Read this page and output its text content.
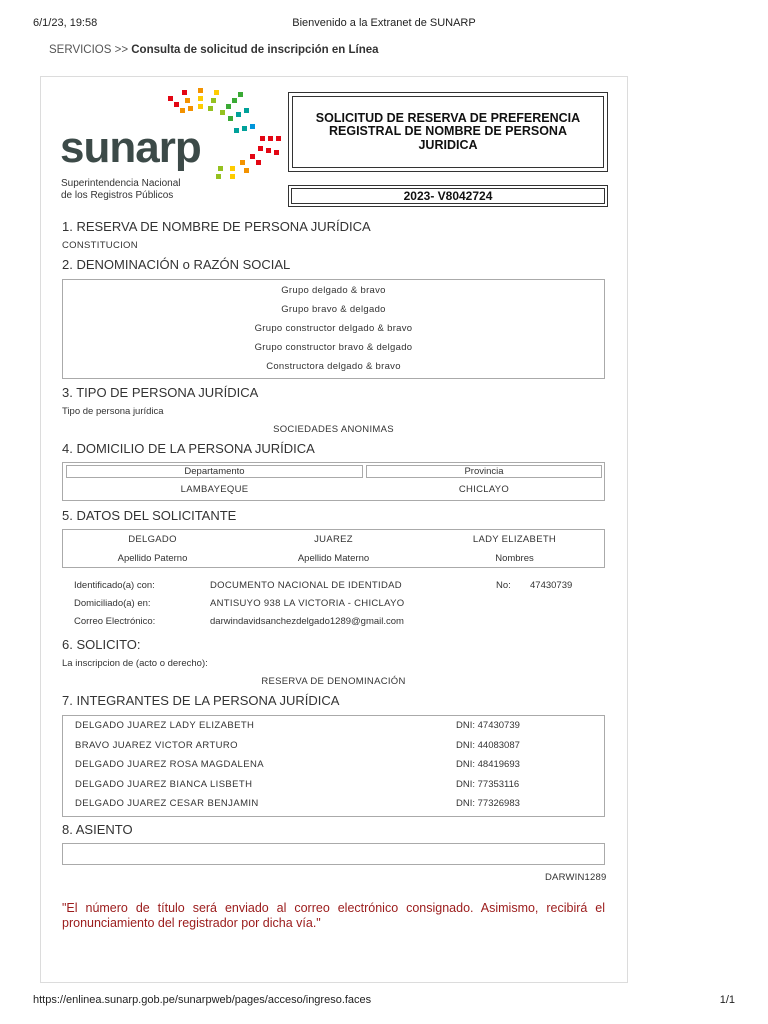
6/1/23, 19:58	Bienvenido a la Extranet de SUNARP
SERVICIOS >> Consulta de solicitud de inscripción en Línea
sunarp
Superintendencia Nacional
de los Registros Públicos
SOLICITUD DE RESERVA DE PREFERENCIA REGISTRAL DE NOMBRE DE PERSONA JURIDICA
2023- V8042724
1. RESERVA DE NOMBRE DE PERSONA JURÍDICA
CONSTITUCION
2. DENOMINACIÓN o RAZÓN SOCIAL
Grupo delgado & bravo
Grupo bravo & delgado
Grupo constructor delgado & bravo
Grupo constructor bravo & delgado
Constructora delgado & bravo
3. TIPO DE PERSONA JURÍDICA
Tipo de persona jurídica
SOCIEDADES ANONIMAS
4. DOMICILIO DE LA PERSONA JURÍDICA
Departamento	Provincia
LAMBAYEQUE	CHICLAYO
5. DATOS DEL SOLICITANTE
DELGADO	JUAREZ	LADY ELIZABETH
Apellido Paterno	Apellido Materno	Nombres
Identificado(a) con:	DOCUMENTO NACIONAL DE IDENTIDAD	No: 47430739
Domiciliado(a) en:	ANTISUYO 938 LA VICTORIA - CHICLAYO
Correo Electrónico:	darwindavidsanchezdelgado1289@gmail.com
6. SOLICITO:
La inscripcion de (acto o derecho):
RESERVA DE DENOMINACIÓN
7. INTEGRANTES DE LA PERSONA JURÍDICA
DELGADO JUAREZ LADY ELIZABETH	DNI: 47430739
BRAVO JUAREZ VICTOR ARTURO	DNI: 44083087
DELGADO JUAREZ ROSA MAGDALENA	DNI: 48419693
DELGADO JUAREZ BIANCA LISBETH	DNI: 77353116
DELGADO JUAREZ CESAR BENJAMIN	DNI: 77326983
8. ASIENTO
DARWIN1289
"El número de título será enviado al correo electrónico consignado. Asimismo, recibirá el pronunciamiento del registrador por dicha vía."
https://enlinea.sunarp.gob.pe/sunarpweb/pages/acceso/ingreso.faces	1/1
